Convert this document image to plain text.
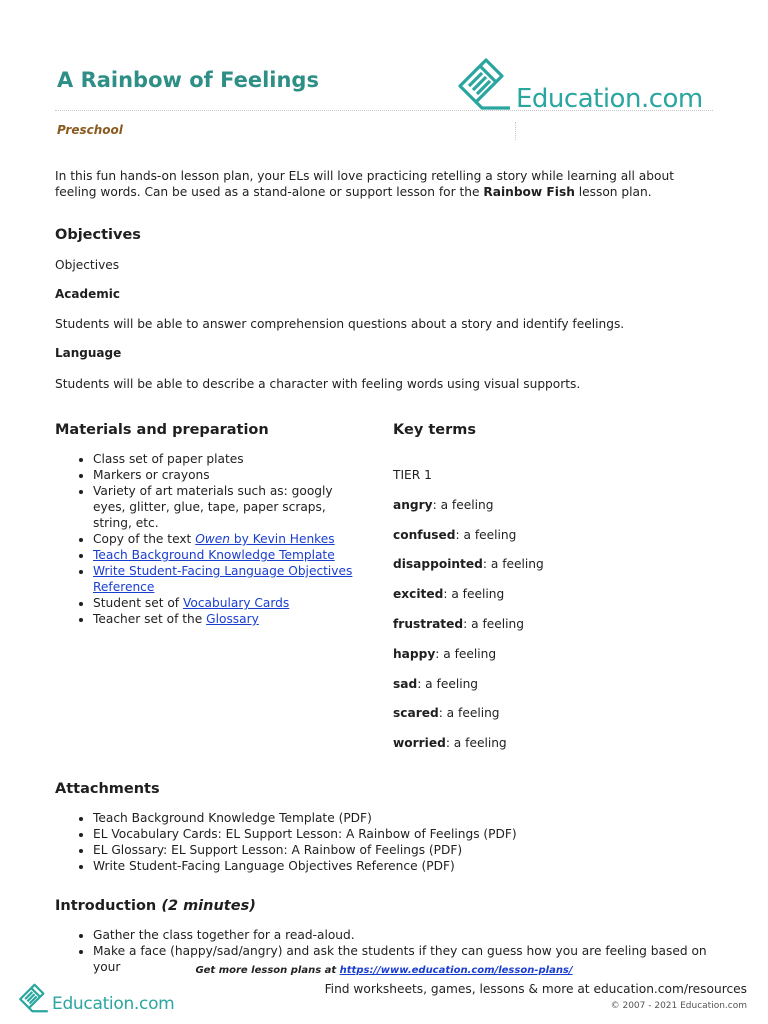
A Rainbow of Feelings
Education.com
Preschool
In this fun hands-on lesson plan, your ELs will love practicing retelling a story while learning all about feeling words. Can be used as a stand-alone or support lesson for the Rainbow Fish lesson plan.
Objectives
Objectives
Academic
Students will be able to answer comprehension questions about a story and identify feelings.
Language
Students will be able to describe a character with feeling words using visual supports.
Materials and preparation
• Class set of paper plates
• Markers or crayons
• Variety of art materials such as: googly eyes, glitter, glue, tape, paper scraps, string, etc.
• Copy of the text Owen by Kevin Henkes
• Teach Background Knowledge Template
• Write Student-Facing Language Objectives Reference
• Student set of Vocabulary Cards
• Teacher set of the Glossary
Key terms
TIER 1
angry: a feeling
confused: a feeling
disappointed: a feeling
excited: a feeling
frustrated: a feeling
happy: a feeling
sad: a feeling
scared: a feeling
worried: a feeling
Attachments
• Teach Background Knowledge Template (PDF)
• EL Vocabulary Cards: EL Support Lesson: A Rainbow of Feelings (PDF)
• EL Glossary: EL Support Lesson: A Rainbow of Feelings (PDF)
• Write Student-Facing Language Objectives Reference (PDF)
Introduction (2 minutes)
• Gather the class together for a read-aloud.
• Make a face (happy/sad/angry) and ask the students if they can guess how you are feeling based on your	Get more lesson plans at https://www.education.com/lesson-plans/
Education.com
Find worksheets, games, lessons & more at education.com/resources
© 2007 - 2021 Education.com
